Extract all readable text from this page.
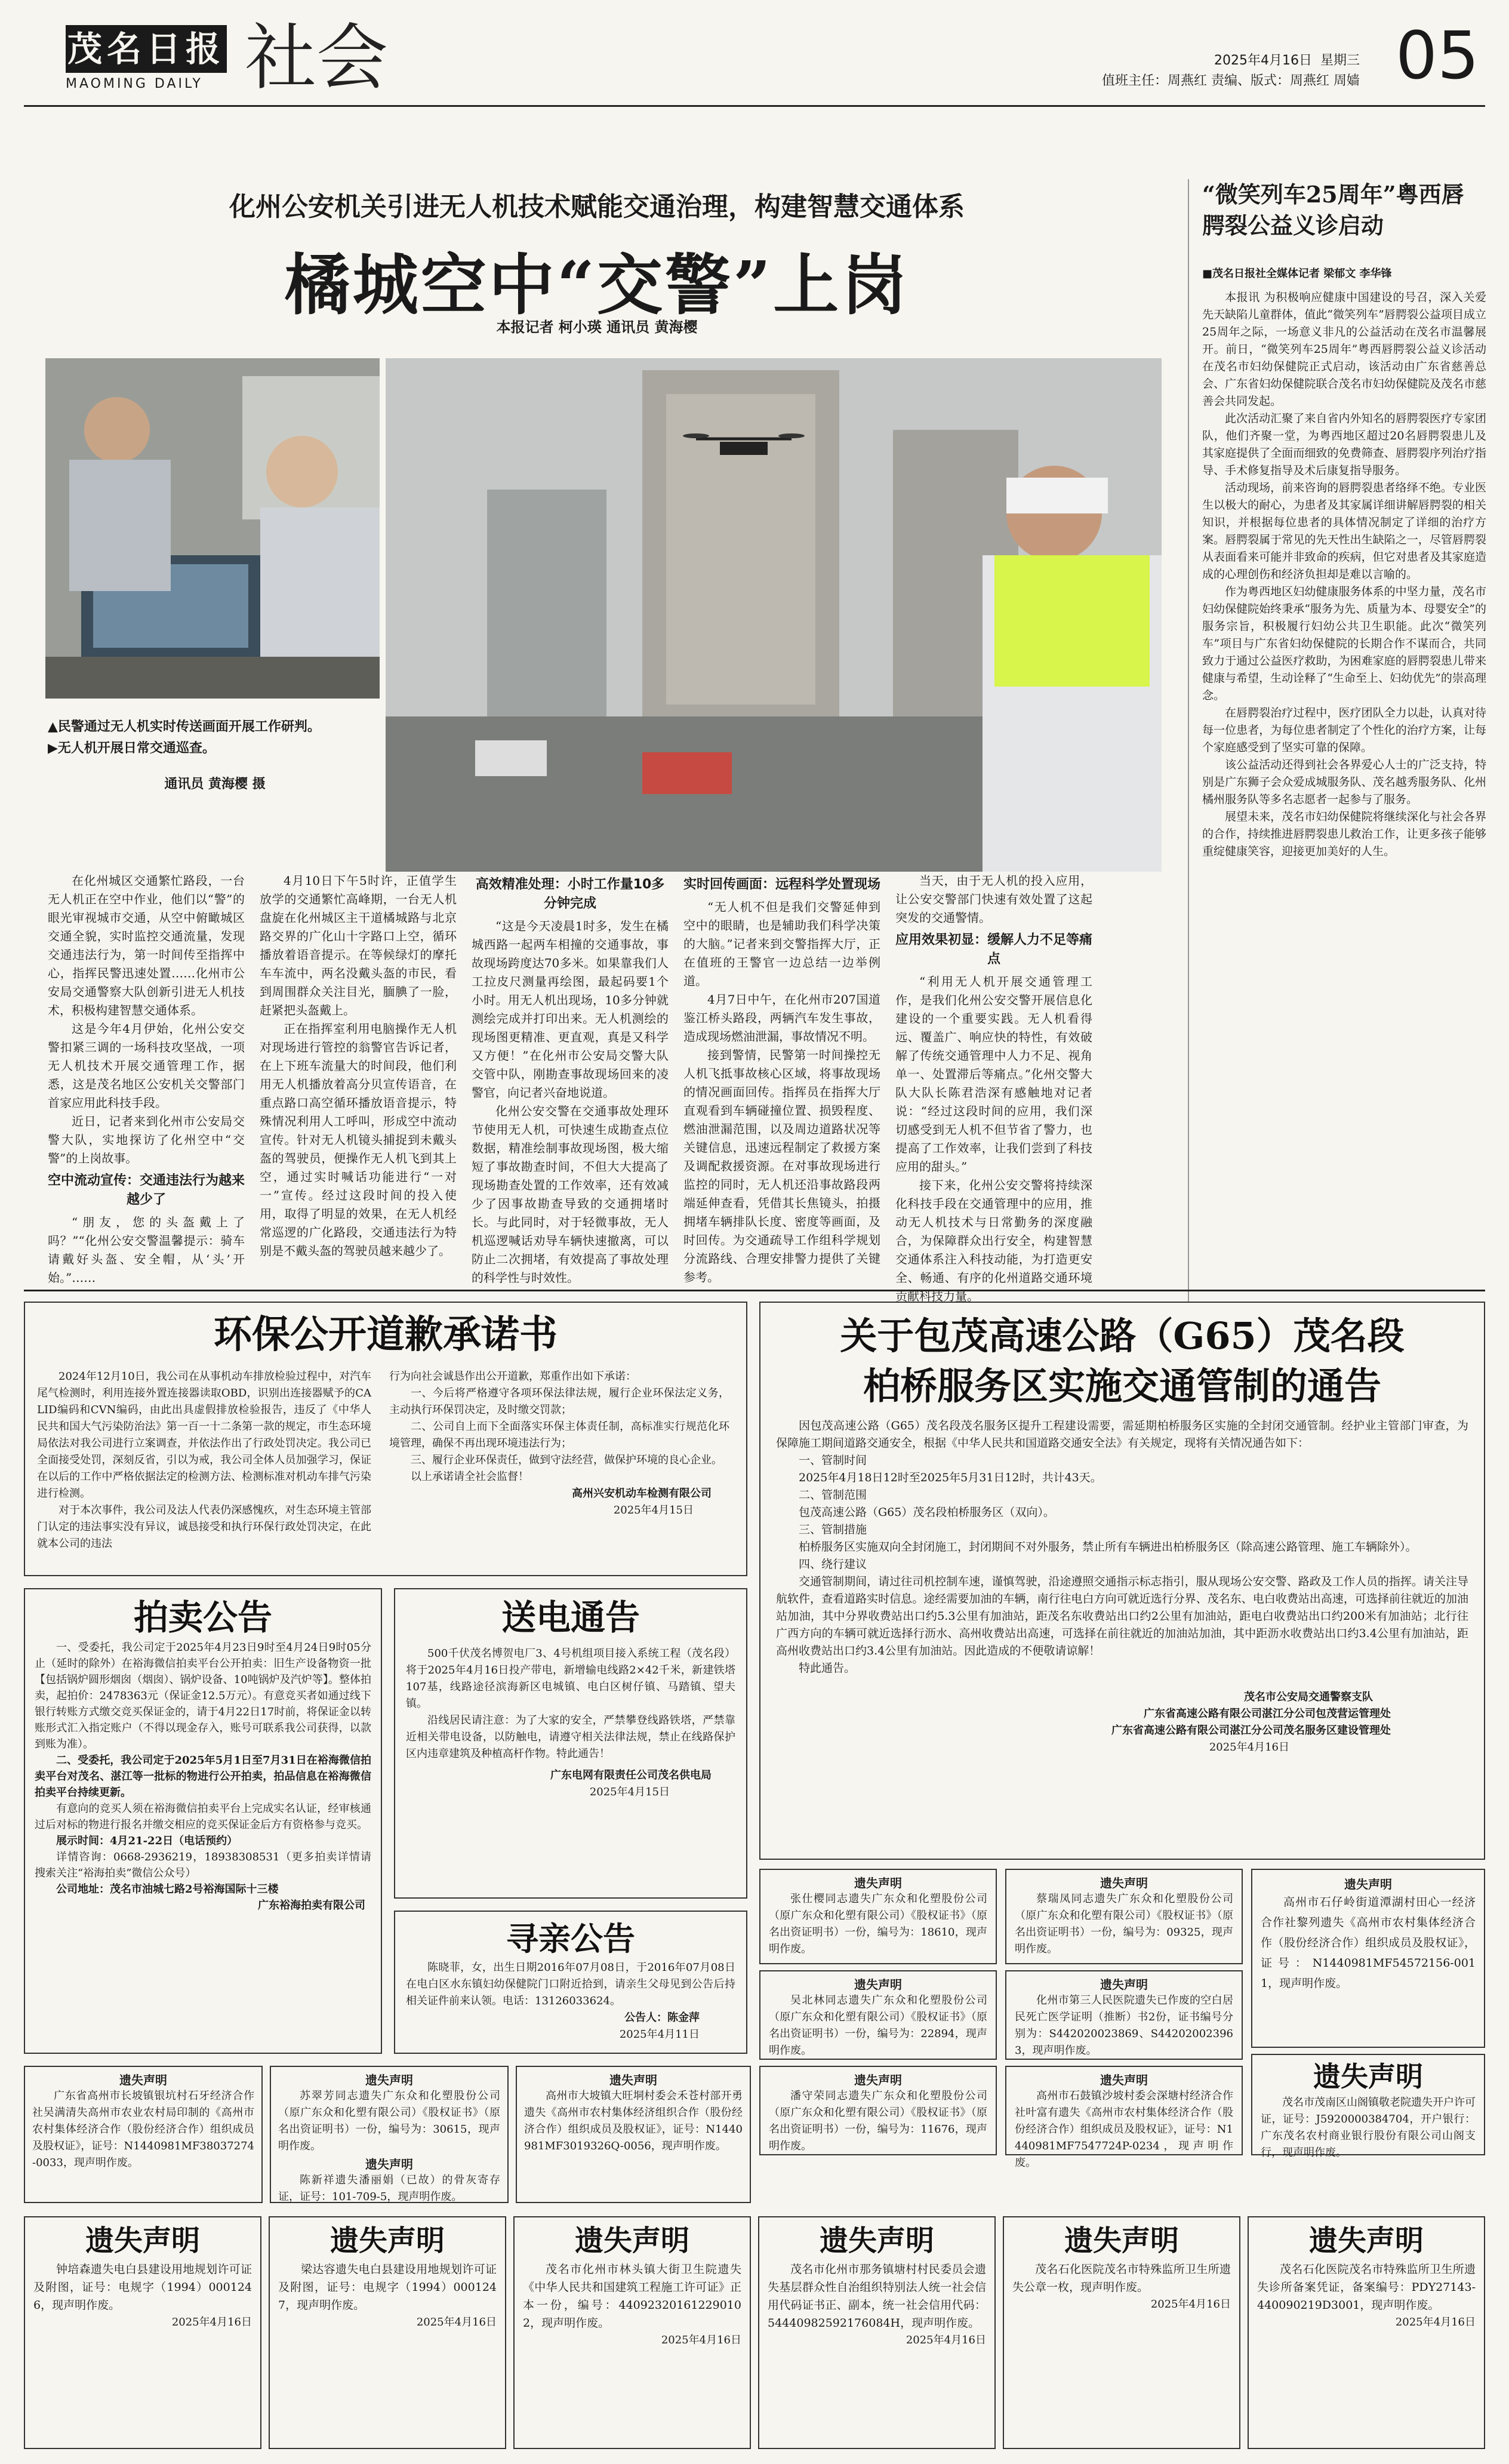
茂名日报
MAOMING DAILY 社会	2025年4月16日 星期三
值班主任：周燕红 责编、版式：周燕红 周嫱 05
化州公安机关引进无人机技术赋能交通治理，构建智慧交通体系
橘城空中“交警”上岗
本报记者 柯小瑛 通讯员 黄海樱
▲民警通过无人机实时传送画面开展工作研判。
▶无人机开展日常交通巡查。
通讯员 黄海樱 摄

在化州城区交通繁忙路段，一台无人机正在空中作业，他们以“警”的眼光审视城市交通，从空中俯瞰城区交通全貌，实时监控交通流量，发现交通违法行为，第一时间传至指挥中心，指挥民警迅速处置……化州市公安局交通警察大队创新引进无人机技术，积极构建智慧交通体系。

这是今年4月伊始，化州公安交警扣紧三调的一场科技攻坚战，一项无人机技术开展交通管理工作，据悉，这是茂名地区公安机关交警部门首家应用此科技手段。

近日，记者来到化州市公安局交警大队，实地探访了化州空中“交警”的上岗故事。

空中流动宣传：交通违法行为越来越少了

“朋友，您的头盔戴上了吗？”“化州公安交警温馨提示：骑车请戴好头盔、安全帽，从‘头’开始。”……

4月10日下午5时许，正值学生放学的交通繁忙高峰期，一台无人机盘旋在化州城区主干道橘城路与北京路交界的广化山十字路口上空，循环播放着语音提示。在等候绿灯的摩托车车流中，两名没戴头盔的市民，看到周围群众关注目光，腼腆了一脸，赶紧把头盔戴上。

正在指挥室利用电脑操作无人机对现场进行管控的翁警官告诉记者，在上下班车流量大的时间段，他们利用无人机播放着高分贝宣传语音，在重点路口高空循环播放语音提示，特殊情况利用人工呼叫，形成空中流动宣传。针对无人机镜头捕捉到未戴头盔的驾驶员，便操作无人机飞到其上空，通过实时喊话功能进行“一对一”宣传。经过这段时间的投入使用，取得了明显的效果，在无人机经常巡逻的广化路段，交通违法行为特别是不戴头盔的驾驶员越来越少了。

高效精准处理：小时工作量10多分钟完成

“这是今天凌晨1时多，发生在橘城西路一起两车相撞的交通事故，事故现场跨度达70多米。如果靠我们人工拉皮尺测量再绘图，最起码要1个小时。用无人机出现场，10多分钟就测绘完成并打印出来。无人机测绘的现场图更精准、更直观，真是又科学又方便！”在化州市公安局交警大队交管中队，刚勘查事故现场回来的凌警官，向记者兴奋地说道。

化州公安交警在交通事故处理环节使用无人机，可快速生成勘查点位数据，精准绘制事故现场图，极大缩短了事故勘查时间，不但大大提高了现场勘查处置的工作效率，还有效减少了因事故勘查导致的交通拥堵时长。与此同时，对于轻微事故，无人机巡逻喊话劝导车辆快速撤离，可以防止二次拥堵，有效提高了事故处理的科学性与时效性。

实时回传画面：远程科学处置现场

“无人机不但是我们交警延伸到空中的眼睛，也是辅助我们科学决策的大脑。”记者来到交警指挥大厅，正在值班的王警官一边总结一边举例道。

4月7日中午，在化州市207国道鉴江桥头路段，两辆汽车发生事故，造成现场燃油泄漏，事故情况不明。

接到警情，民警第一时间操控无人机飞抵事故核心区域，将事故现场的情况画面回传。指挥员在指挥大厅直观看到车辆碰撞位置、损毁程度、燃油泄漏范围，以及周边道路状况等关键信息，迅速远程制定了救援方案及调配救援资源。在对事故现场进行监控的同时，无人机还沿事故路段两端延伸查看，凭借其长焦镜头，拍摄拥堵车辆排队长度、密度等画面，及时回传。为交通疏导工作组科学规划分流路线、合理安排警力提供了关键参考。

当天，由于无人机的投入应用，让公安交警部门快速有效处置了这起突发的交通警情。

应用效果初显：缓解人力不足等痛点

“利用无人机开展交通管理工作，是我们化州公安交警开展信息化建设的一个重要实践。无人机看得远、覆盖广、响应快的特性，有效破解了传统交通管理中人力不足、视角单一、处置滞后等痛点。”化州交警大队大队长陈君浩深有感触地对记者说：“经过这段时间的应用，我们深切感受到无人机不但节省了警力，也提高了工作效率，让我们尝到了科技应用的甜头。”

接下来，化州公安交警将持续深化科技手段在交通管理中的应用，推动无人机技术与日常勤务的深度融合，为保障群众出行安全，构建智慧交通体系注入科技动能，为打造更安全、畅通、有序的化州道路交通环境贡献科技力量。

“微笑列车25周年”粤西唇腭裂公益义诊启动
■茂名日报社全媒体记者 梁郁文 李华锋

本报讯 为积极响应健康中国建设的号召，深入关爱先天缺陷儿童群体，值此“微笑列车”唇腭裂公益项目成立25周年之际，一场意义非凡的公益活动在茂名市温馨展开。前日，“微笑列车25周年”粤西唇腭裂公益义诊活动在茂名市妇幼保健院正式启动，该活动由广东省慈善总会、广东省妇幼保健院联合茂名市妇幼保健院及茂名市慈善会共同发起。

此次活动汇聚了来自省内外知名的唇腭裂医疗专家团队，他们齐聚一堂，为粤西地区超过20名唇腭裂患儿及其家庭提供了全面而细致的免费筛查、唇腭裂序列治疗指导、手术修复指导及术后康复指导服务。

活动现场，前来咨询的唇腭裂患者络绎不绝。专业医生以极大的耐心，为患者及其家属详细讲解唇腭裂的相关知识，并根据每位患者的具体情况制定了详细的治疗方案。唇腭裂属于常见的先天性出生缺陷之一，尽管唇腭裂从表面看来可能并非致命的疾病，但它对患者及其家庭造成的心理创伤和经济负担却是难以言喻的。

作为粤西地区妇幼健康服务体系的中坚力量，茂名市妇幼保健院始终秉承“服务为先、质量为本、母婴安全”的服务宗旨，积极履行妇幼公共卫生职能。此次“微笑列车”项目与广东省妇幼保健院的长期合作不谋而合，共同致力于通过公益医疗救助，为困难家庭的唇腭裂患儿带来健康与希望，生动诠释了“生命至上、妇幼优先”的崇高理念。

在唇腭裂治疗过程中，医疗团队全力以赴，认真对待每一位患者，为每位患者制定了个性化的治疗方案，让每个家庭感受到了坚实可靠的保障。

该公益活动还得到社会各界爱心人士的广泛支持，特别是广东狮子会众爱成城服务队、茂名越秀服务队、化州橘州服务队等多名志愿者一起参与了服务。

展望未来，茂名市妇幼保健院将继续深化与社会各界的合作，持续推进唇腭裂患儿救治工作，让更多孩子能够重绽健康笑容，迎接更加美好的人生。

环保公开道歉承诺书

2024年12月10日，我公司在从事机动车排放检验过程中，对汽车尾气检测时，利用连接外置连接器读取OBD，识别出连接器赋予的CALID编码和CVN编码，由此出具虚假排放检验报告，违反了《中华人民共和国大气污染防治法》第一百一十二条第一款的规定，市生态环境局依法对我公司进行立案调查，并依法作出了行政处罚决定。我公司已全面接受处罚，深刻反省，引以为戒，我公司全体人员加强学习，保证在以后的工作中严格依据法定的检测方法、检测标准对机动车排气污染进行检测。

对于本次事件，我公司及法人代表仍深感愧疚，对生态环境主管部门认定的违法事实没有异议，诚恳接受和执行环保行政处罚决定，在此就本公司的违法

行为向社会诚恳作出公开道歉，郑重作出如下承诺：

一、今后将严格遵守各项环保法律法规，履行企业环保法定义务，主动执行环保罚决定，及时缴交罚款；

二、公司自上而下全面落实环保主体责任制，高标准实行规范化环境管理，确保不再出现环境违法行为；

三、履行企业环保责任，做到守法经营，做保护环境的良心企业。

以上承诺请全社会监督！

高州兴安机动车检测有限公司
2025年4月15日
关于包茂高速公路（G65）茂名段
柏桥服务区实施交通管制的通告

因包茂高速公路（G65）茂名段茂名服务区提升工程建设需要，需延期柏桥服务区实施的全封闭交通管制。经护业主管部门审查，为保障施工期间道路交通安全，根据《中华人民共和国道路交通安全法》有关规定，现将有关情况通告如下：

一、管制时间

2025年4月18日12时至2025年5月31日12时，共计43天。

二、管制范围

包茂高速公路（G65）茂名段柏桥服务区（双向）。

三、管制措施

柏桥服务区实施双向全封闭施工，封闭期间不对外服务，禁止所有车辆进出柏桥服务区（除高速公路管理、施工车辆除外）。

四、绕行建议

交通管制期间，请过往司机控制车速，谨慎驾驶，沿途遵照交通指示标志指引，服从现场公安交警、路政及工作人员的指挥。请关注导航软件，查看道路实时信息。途经需要加油的车辆，南行往电白方向可就近选行分界、茂名东、电白收费站出高速，可选择前往就近的加油站加油，其中分界收费站出口约5.3公里有加油站，距茂名东收费站出口约2公里有加油站，距电白收费站出口约200米有加油站；北行往广西方向的车辆可就近选择行沥水、高州收费站出高速，可选择在前往就近的加油站加油，其中距沥水收费站出口约3.4公里有加油站，距高州收费站出口约3.4公里有加油站。因此造成的不便敬请谅解！

特此通告。

茂名市公安局交通警察支队
广东省高速公路有限公司湛江分公司包茂营运管理处
广东省高速公路有限公司湛江分公司茂名服务区建设管理处
2025年4月16日
拍卖公告

一、受委托，我公司定于2025年4月23日9时至4月24日9时05分止（延时的除外）在裕海微信拍卖平台公开拍卖：旧生产设备物资一批【包括锅炉圆形烟囱（烟囱）、锅炉设备、10吨锅炉及汽炉等】。整体拍卖，起拍价：2478363元（保证金12.5万元）。有意竞买者如通过线下银行转账方式缴交竞买保证金的，请于4月22日17时前，将保证金以转账形式汇入指定账户（不得以现金存入，账号可联系我公司获得，以款到账为准）。

二、受委托，我公司定于2025年5月1日至7月31日在裕海微信拍卖平台对茂名、湛江等一批标的物进行公开拍卖，拍品信息在裕海微信拍卖平台持续更新。

有意向的竞买人须在裕海微信拍卖平台上完成实名认证，经审核通过后对标的物进行报名并缴交相应的竞买保证金后方有资格参与竞买。

展示时间：4月21-22日（电话预约）

详情咨询：0668-2936219，18938308531（更多拍卖详情请搜索关注“裕海拍卖”微信公众号）

公司地址：茂名市油城七路2号裕海国际十三楼

广东裕海拍卖有限公司
送电通告

500千伏茂名博贺电厂3、4号机组项目接入系统工程（茂名段）将于2025年4月16日投产带电，新增输电线路2×42千米，新建铁塔107基，线路途径滨海新区电城镇、电白区树仔镇、马踏镇、望夫镇。

沿线居民请注意：为了大家的安全，严禁攀登线路铁塔，严禁靠近相关带电设备，以防触电，请遵守相关法律法规，禁止在线路保护区内违章建筑及种植高杆作物。特此通告！

广东电网有限责任公司茂名供电局
2025年4月15日
寻亲公告

陈晓菲，女，出生日期2016年07月08日，于2016年07月08日在电白区水东镇妇幼保健院门口附近拾到，请亲生父母见到公告后持相关证件前来认领。电话：13126033624。

公告人：陈金萍
2025年4月11日
遗失声明
张仕樱同志遗失广东众和化塑股份公司（原广东众和化塑有限公司）《股权证书》（原名出资证明书）一份，编号为：18610，现声明作废。
遗失声明
蔡瑞凤同志遗失广东众和化塑股份公司（原广东众和化塑有限公司）《股权证书》（原名出资证明书）一份，编号为：09325，现声明作废。
遗失声明
吴北林同志遗失广东众和化塑股份公司（原广东众和化塑有限公司）《股权证书》（原名出资证明书）一份，编号为：22894，现声明作废。
遗失声明
化州市第三人民医院遗失已作废的空白居民死亡医学证明（推断）书2份，证书编号分别为：S442020023869、S442020023963，现声明作废。
遗失声明
潘守荣同志遗失广东众和化塑股份公司（原广东众和化塑有限公司）《股权证书》（原名出资证明书）一份，编号为：11676，现声明作废。
遗失声明
高州市石鼓镇沙坡村委会深塘村经济合作社叶富有遗失《高州市农村集体经济合作（股份经济合作）组织成员及股权证》，证号：N1440981MF7547724P-0234，现声明作废。
遗失声明
高州市石仔岭街道潭湖村田心一经济合作社黎列遗失《高州市农村集体经济合作（股份经济合作）组织成员及股权证》，证号：N1440981MF54572156-0011，现声明作废。
遗失声明
茂名市茂南区山阁镇敬老院遗失开户许可证，证号：J5920000384704，开户银行：广东茂名农村商业银行股份有限公司山阁支行，现声明作废。
遗失声明
广东省高州市长坡镇银坑村石牙经济合作社吴满清失高州市农业农村局印制的《高州市农村集体经济合作（股份经济合作）组织成员及股权证》，证号：N1440981MF38037274-0033，现声明作废。
遗失声明
苏翠芳同志遗失广东众和化塑股份公司（原广东众和化塑有限公司）《股权证书》（原名出资证明书）一份，编号为：30615，现声明作废。
遗失声明
陈新祥遗失潘丽娟（已故）的骨灰寄存证，证号：101-709-5，现声明作废。
遗失声明
高州市大坡镇大旺垌村委会禾苍村部开勇遗失《高州市农村集体经济组织合作（股份经济合作）组织成员及股权证》，证号：N1440981MF3019326Q-0056，现声明作废。
遗失声明
钟培森遗失电白县建设用地规划许可证及附图，证号：电规字（1994）0001246，现声明作废。
2025年4月16日
遗失声明
梁达容遗失电白县建设用地规划许可证及附图，证号：电规字（1994）0001247，现声明作废。
2025年4月16日
遗失声明
茂名市化州市林头镇大街卫生院遗失《中华人民共和国建筑工程施工许可证》正本一份，编号：440923201612290102，现声明作废。
2025年4月16日
遗失声明
茂名市化州市那务镇塘村村民委员会遗失基层群众性自治组织特别法人统一社会信用代码证书正、副本，统一社会信用代码：54440982592176084H，现声明作废。
2025年4月16日
遗失声明
茂名石化医院茂名市特殊监所卫生所遗失公章一枚，现声明作废。
2025年4月16日
遗失声明
茂名石化医院茂名市特殊监所卫生所遗失诊所备案凭证，备案编号：PDY27143-440090219D3001，现声明作废。
2025年4月16日
